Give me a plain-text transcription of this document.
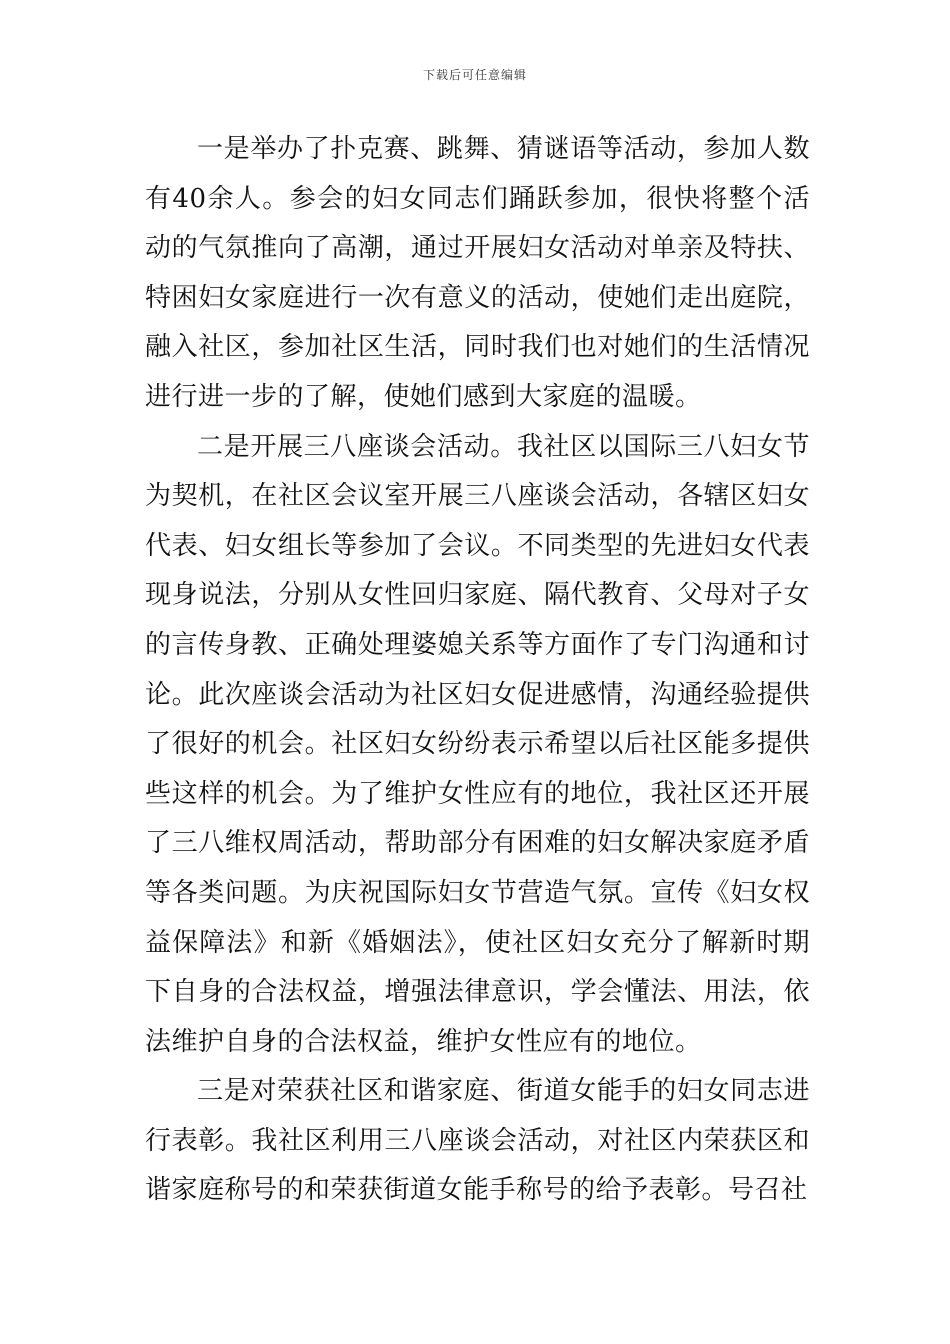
下载后可任意编辑

一是举办了扑克赛、跳舞、猜谜语等活动，参加人数有40余人。参会的妇女同志们踊跃参加，很快将整个活动的气氛推向了高潮，通过开展妇女活动对单亲及特扶、特困妇女家庭进行一次有意义的活动，使她们走出庭院，融入社区，参加社区生活，同时我们也对她们的生活情况进行进一步的了解，使她们感到大家庭的温暖。

二是开展三八座谈会活动。我社区以国际三八妇女节为契机，在社区会议室开展三八座谈会活动，各辖区妇女代表、妇女组长等参加了会议。不同类型的先进妇女代表现身说法，分别从女性回归家庭、隔代教育、父母对子女的言传身教、正确处理婆媳关系等方面作了专门沟通和讨论。此次座谈会活动为社区妇女促进感情，沟通经验提供了很好的机会。社区妇女纷纷表示希望以后社区能多提供些这样的机会。为了维护女性应有的地位，我社区还开展了三八维权周活动，帮助部分有困难的妇女解决家庭矛盾等各类问题。为庆祝国际妇女节营造气氛。宣传《妇女权益保障法》和新《婚姻法》，使社区妇女充分了解新时期下自身的合法权益，增强法律意识，学会懂法、用法，依法维护自身的合法权益，维护女性应有的地位。

三是对荣获社区和谐家庭、街道女能手的妇女同志进行表彰。我社区利用三八座谈会活动，对社区内荣获区和谐家庭称号的和荣获街道女能手称号的给予表彰。号召社
